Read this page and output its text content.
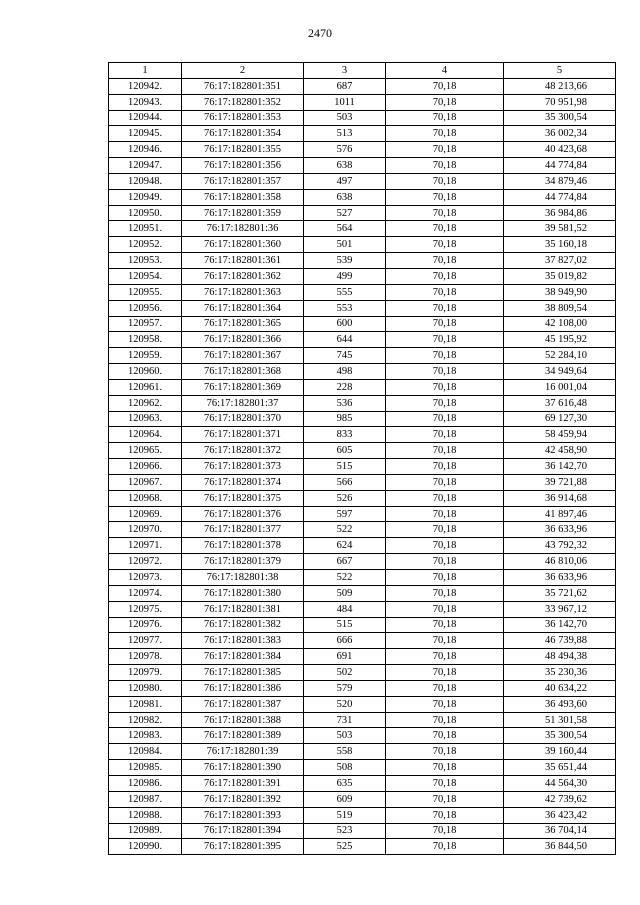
2470
1	2	3	4	5
120942.	76:17:182801:351	687	70,18	48 213,66
120943.	76:17:182801:352	1011	70,18	70 951,98
120944.	76:17:182801:353	503	70,18	35 300,54
120945.	76:17:182801:354	513	70,18	36 002,34
120946.	76:17:182801:355	576	70,18	40 423,68
120947.	76:17:182801:356	638	70,18	44 774,84
120948.	76:17:182801:357	497	70,18	34 879,46
120949.	76:17:182801:358	638	70,18	44 774,84
120950.	76:17:182801:359	527	70,18	36 984,86
120951.	76:17:182801:36	564	70,18	39 581,52
120952.	76:17:182801:360	501	70,18	35 160,18
120953.	76:17:182801:361	539	70,18	37 827,02
120954.	76:17:182801:362	499	70,18	35 019,82
120955.	76:17:182801:363	555	70,18	38 949,90
120956.	76:17:182801:364	553	70,18	38 809,54
120957.	76:17:182801:365	600	70,18	42 108,00
120958.	76:17:182801:366	644	70,18	45 195,92
120959.	76:17:182801:367	745	70,18	52 284,10
120960.	76:17:182801:368	498	70,18	34 949,64
120961.	76:17:182801:369	228	70,18	16 001,04
120962.	76:17:182801:37	536	70,18	37 616,48
120963.	76:17:182801:370	985	70,18	69 127,30
120964.	76:17:182801:371	833	70,18	58 459,94
120965.	76:17:182801:372	605	70,18	42 458,90
120966.	76:17:182801:373	515	70,18	36 142,70
120967.	76:17:182801:374	566	70,18	39 721,88
120968.	76:17:182801:375	526	70,18	36 914,68
120969.	76:17:182801:376	597	70,18	41 897,46
120970.	76:17:182801:377	522	70,18	36 633,96
120971.	76:17:182801:378	624	70,18	43 792,32
120972.	76:17:182801:379	667	70,18	46 810,06
120973.	76:17:182801:38	522	70,18	36 633,96
120974.	76:17:182801:380	509	70,18	35 721,62
120975.	76:17:182801:381	484	70,18	33 967,12
120976.	76:17:182801:382	515	70,18	36 142,70
120977.	76:17:182801:383	666	70,18	46 739,88
120978.	76:17:182801:384	691	70,18	48 494,38
120979.	76:17:182801:385	502	70,18	35 230,36
120980.	76:17:182801:386	579	70,18	40 634,22
120981.	76:17:182801:387	520	70,18	36 493,60
120982.	76:17:182801:388	731	70,18	51 301,58
120983.	76:17:182801:389	503	70,18	35 300,54
120984.	76:17:182801:39	558	70,18	39 160,44
120985.	76:17:182801:390	508	70,18	35 651,44
120986.	76:17:182801:391	635	70,18	44 564,30
120987.	76:17:182801:392	609	70,18	42 739,62
120988.	76:17:182801:393	519	70,18	36 423,42
120989.	76:17:182801:394	523	70,18	36 704,14
120990.	76:17:182801:395	525	70,18	36 844,50
